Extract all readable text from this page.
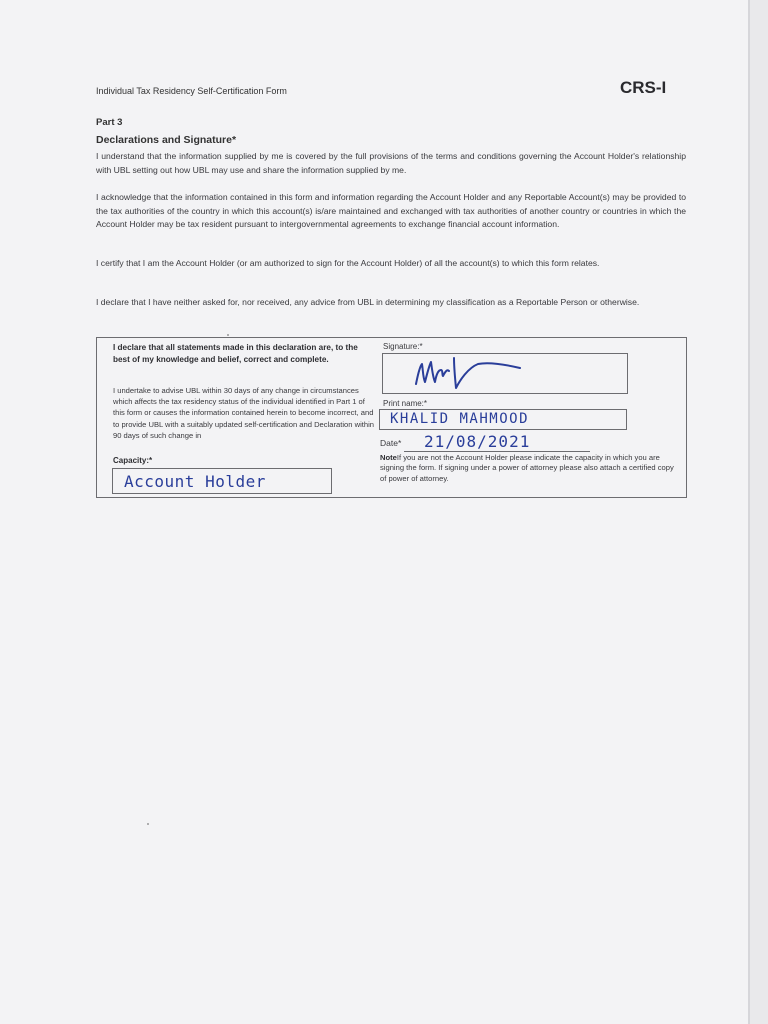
Individual Tax Residency Self-Certification Form	CRS-I
Part 3
Declarations and Signature*
I understand that the information supplied by me is covered by the full provisions of the terms and conditions governing the Account Holder's relationship with UBL setting out how UBL may use and share the information supplied by me.
I acknowledge that the information contained in this form and information regarding the Account Holder and any Reportable Account(s) may be provided to the tax authorities of the country in which this account(s) is/are maintained and exchanged with tax authorities of another country or countries in which the Account Holder may be tax resident pursuant to intergovernmental agreements to exchange financial account information.
I certify that I am the Account Holder (or am authorized to sign for the Account Holder) of all the account(s) to which this form relates.
I declare that I have neither asked for, nor received, any advice from UBL in determining my classification as a Reportable Person or otherwise.
I declare that all statements made in this declaration are, to the best of my knowledge and belief, correct and complete.
I undertake to advise UBL within 30 days of any change in circumstances which affects the tax residency status of the individual identified in Part 1 of this form or causes the information contained herein to become incorrect, and to provide UBL with a suitably updated self-certification and Declaration within 90 days of such change in
Capacity:*
Account Holder
Signature:*
Print name:*
KHALID MAHMOOD
Date* 21/08/2021
NoteIf you are not the Account Holder please indicate the capacity in which you are signing the form. If signing under a power of attorney please also attach a certified copy of power of attorney.
